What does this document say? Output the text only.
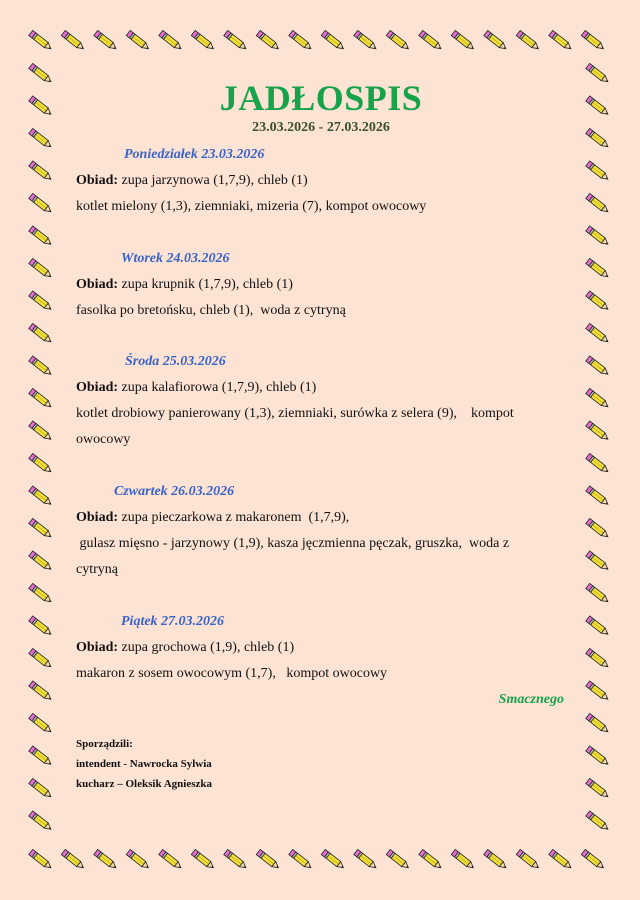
JADŁOSPIS
23.03.2026 - 27.03.2026
Poniedziałek 23.03.2026
Obiad: zupa jarzynowa (1,7,9), chleb (1)
kotlet mielony (1,3), ziemniaki, mizeria (7), kompot owocowy
Wtorek 24.03.2026
Obiad: zupa krupnik (1,7,9), chleb (1)
fasolka po bretońsku, chleb (1),  woda z cytryną
Środa 25.03.2026
Obiad: zupa kalafiorowa (1,7,9), chleb (1)
kotlet drobiowy panierowany (1,3), ziemniaki, surówka z selera (9),    kompot
owocowy
Czwartek 26.03.2026
Obiad: zupa pieczarkowa z makaronem  (1,7,9),
gulasz mięsno - jarzynowy (1,9), kasza jęczmienna pęczak, gruszka,  woda z
cytryną
Piątek 27.03.2026
Obiad: zupa grochowa (1,9), chleb (1)
makaron z sosem owocowym (1,7),   kompot owocowy
Smacznego
Sporządzili:
intendent - Nawrocka Sylwia
kucharz – Oleksik Agnieszka
